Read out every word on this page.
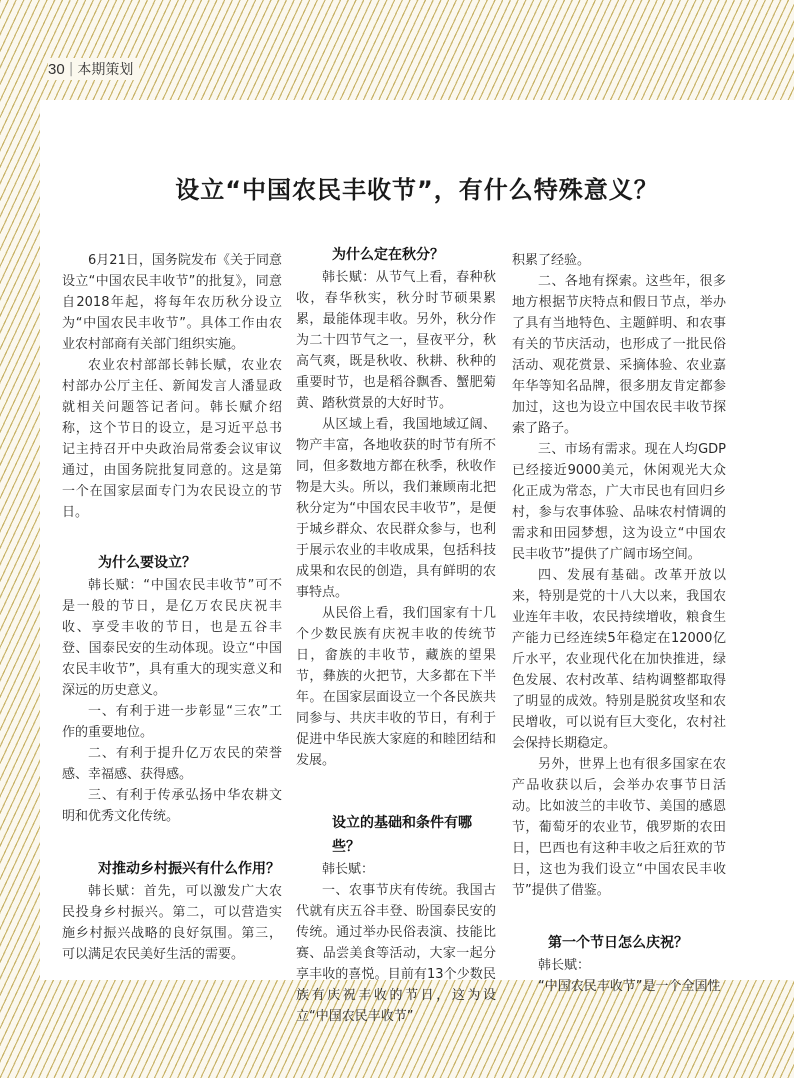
30 | 本期策划
设立“中国农民丰收节”，有什么特殊意义？

6月21日，国务院发布《关于同意设立“中国农民丰收节”的批复》，同意自2018年起，将每年农历秋分设立为“中国农民丰收节”。具体工作由农业农村部商有关部门组织实施。

农业农村部部长韩长赋，农业农村部办公厅主任、新闻发言人潘显政就相关问题答记者问。韩长赋介绍称，这个节日的设立，是习近平总书记主持召开中央政治局常委会议审议通过，由国务院批复同意的。这是第一个在国家层面专门为农民设立的节日。

为什么要设立？

韩长赋：“中国农民丰收节”可不是一般的节日，是亿万农民庆祝丰收、享受丰收的节日，也是五谷丰登、国泰民安的生动体现。设立“中国农民丰收节”，具有重大的现实意义和深远的历史意义。

一、有利于进一步彰显“三农”工作的重要地位。

二、有利于提升亿万农民的荣誉感、幸福感、获得感。

三、有利于传承弘扬中华农耕文明和优秀文化传统。

对推动乡村振兴有什么作用？

韩长赋：首先，可以激发广大农民投身乡村振兴。第二，可以营造实施乡村振兴战略的良好氛围。第三，可以满足农民美好生活的需要。

为什么定在秋分？

韩长赋：从节气上看，春种秋收，春华秋实，秋分时节硕果累累，最能体现丰收。另外，秋分作为二十四节气之一，昼夜平分，秋高气爽，既是秋收、秋耕、秋种的重要时节，也是稻谷飘香、蟹肥菊黄、踏秋赏景的大好时节。

从区域上看，我国地域辽阔、物产丰富，各地收获的时节有所不同，但多数地方都在秋季，秋收作物是大头。所以，我们兼顾南北把秋分定为“中国农民丰收节”，是便于城乡群众、农民群众参与，也利于展示农业的丰收成果，包括科技成果和农民的创造，具有鲜明的农事特点。

从民俗上看，我们国家有十几个少数民族有庆祝丰收的传统节日，畲族的丰收节，藏族的望果节，彝族的火把节，大多都在下半年。在国家层面设立一个各民族共同参与、共庆丰收的节日，有利于促进中华民族大家庭的和睦团结和发展。

设立的基础和条件有哪些？

韩长赋：

一、农事节庆有传统。我国古代就有庆五谷丰登、盼国泰民安的传统。通过举办民俗表演、技能比赛、品尝美食等活动，大家一起分享丰收的喜悦。目前有13个少数民族有庆祝丰收的节日，这为设立“中国农民丰收节”

积累了经验。

二、各地有探索。这些年，很多地方根据节庆特点和假日节点，举办了具有当地特色、主题鲜明、和农事有关的节庆活动，也形成了一批民俗活动、观花赏景、采摘体验、农业嘉年华等知名品牌，很多朋友肯定都参加过，这也为设立中国农民丰收节探索了路子。

三、市场有需求。现在人均GDP已经接近9000美元，休闲观光大众化正成为常态，广大市民也有回归乡村，参与农事体验、品味农村情调的需求和田园梦想，这为设立“中国农民丰收节”提供了广阔市场空间。

四、发展有基础。改革开放以来，特别是党的十八大以来，我国农业连年丰收，农民持续增收，粮食生产能力已经连续5年稳定在12000亿斤水平，农业现代化在加快推进，绿色发展、农村改革、结构调整都取得了明显的成效。特别是脱贫攻坚和农民增收，可以说有巨大变化，农村社会保持长期稳定。

另外，世界上也有很多国家在农产品收获以后，会举办农事节日活动。比如波兰的丰收节、美国的感恩节，葡萄牙的农业节，俄罗斯的农田日，巴西也有这种丰收之后狂欢的节日，这也为我们设立“中国农民丰收节”提供了借鉴。

第一个节日怎么庆祝？

韩长赋：

“中国农民丰收节”是一个全国性
